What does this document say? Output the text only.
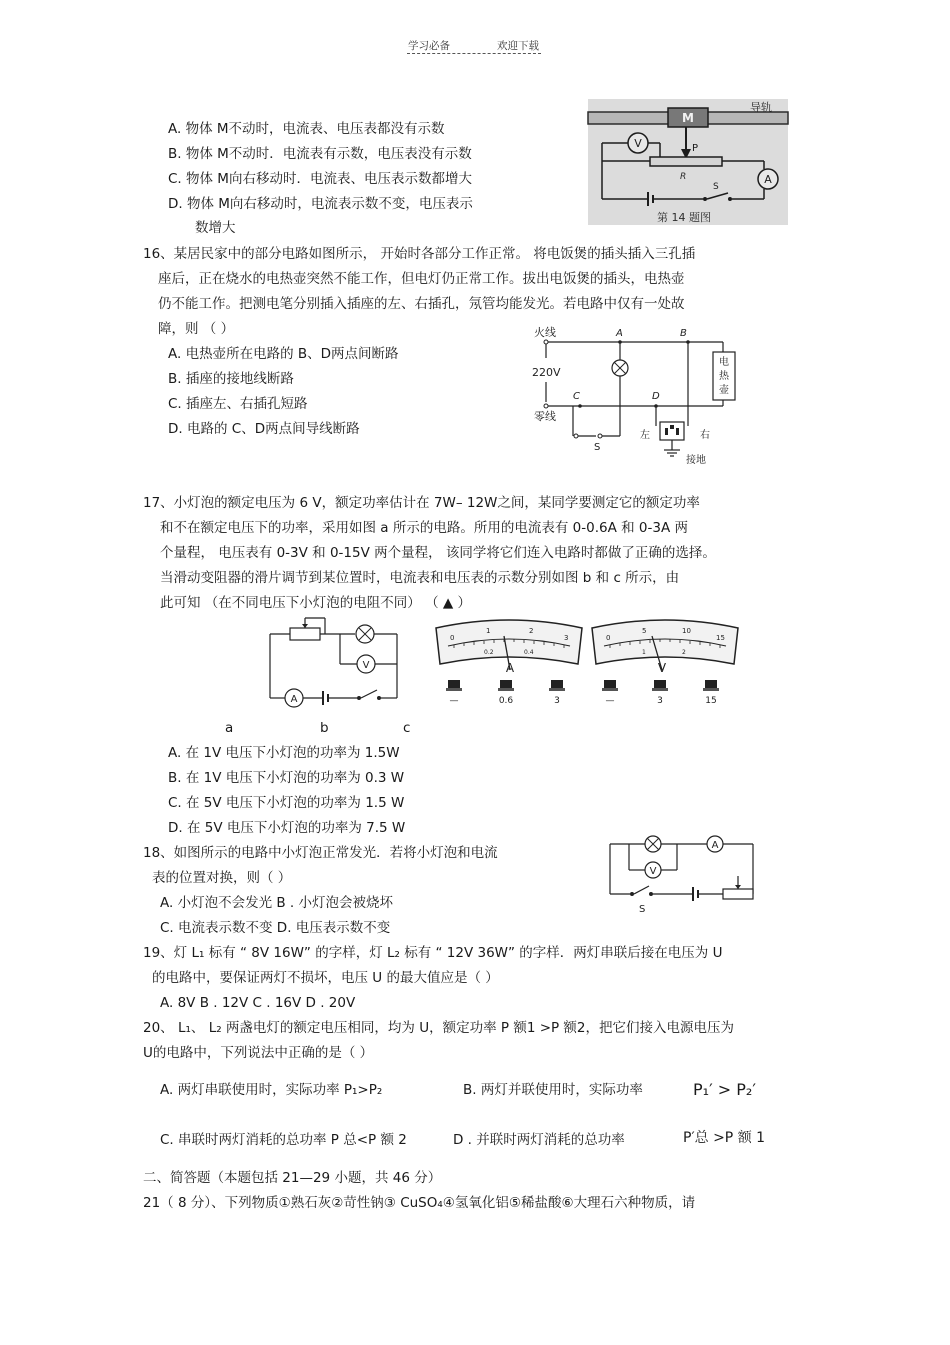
学习必备	欢迎下载
A. 物体 M不动时，电流表、电压表都没有示数
B. 物体 M不动时．电流表有示数，电压表没有示数
C. 物体 M向右移动时．电流表、电压表示数都增大
D. 物体 M向右移动时，电流表示数不变，电压表示
数增大
M
导轨
P
R
V
A
S
第 14 题图
16、某居民家中的部分电路如图所示， 开始时各部分工作正常。 将电饭煲的插头插入三孔插
座后，正在烧水的电热壶突然不能工作，但电灯仍正常工作。拔出电饭煲的插头，电热壶
仍不能工作。把测电笔分别插入插座的左、右插孔，氖管均能发光。若电路中仅有一处故
障，则 （ ）
A. 电热壶所在电路的 B、D两点间断路
B. 插座的接地线断路
C. 插座左、右插孔短路
D. 电路的 C、D两点间导线断路
火线
零线
220V
A	B
电
热
壶
C	D
S
左	右
接地
17、小灯泡的额定电压为 6 V，额定功率估计在 7W– 12W之间，某同学要测定它的额定功率
和不在额定电压下的功率，采用如图 a 所示的电路。所用的电流表有 0-0.6A 和 0-3A 两
个量程， 电压表有 0-3V 和 0-15V 两个量程， 该同学将它们连入电路时都做了正确的选择。
当滑动变阻器的滑片调节到某位置时，电流表和电压表的示数分别如图 b 和 c 所示，由
此可知 （在不同电压下小灯泡的电阻不同） （ ▲ ）
V
A
0
1	2
3
0.2	0.4
A
—	0.6	3
0
5	10
15
1	2
V
—	3	15
a	b	c
A. 在 1V 电压下小灯泡的功率为 1.5W
B. 在 1V 电压下小灯泡的功率为 0.3 W
C. 在 5V 电压下小灯泡的功率为 1.5 W
D. 在 5V 电压下小灯泡的功率为 7.5 W
18、如图所示的电路中小灯泡正常发光．若将小灯泡和电流
表的位置对换，则（ ）
A. 小灯泡不会发光 B . 小灯泡会被烧坏
C. 电流表示数不变 D. 电压表示数不变
A
V
S
19、灯 L₁ 标有 “ 8V 16W” 的字样，灯 L₂ 标有 “ 12V 36W” 的字样．两灯串联后接在电压为 U
的电路中，要保证两灯不损坏，电压 U 的最大值应是（ ）
A. 8V B . 12V C . 16V D . 20V
20、 L₁、 L₂ 两盏电灯的额定电压相同，均为 U，额定功率 P 额1 >P 额2，把它们接入电源电压为
U的电路中，下列说法中正确的是（ ）
A. 两灯串联使用时，实际功率 P₁>P₂	B. 两灯并联使用时，实际功率	P₁′ > P₂′
C. 串联时两灯消耗的总功率 P 总<P 额 2	D . 并联时两灯消耗的总功率	P′总 >P 额 1
二、简答题（本题包括 21—29 小题，共 46 分）
21（ 8 分）、下列物质①熟石灰②苛性钠③ CuSO₄④氢氧化铝⑤稀盐酸⑥大理石六种物质，请
